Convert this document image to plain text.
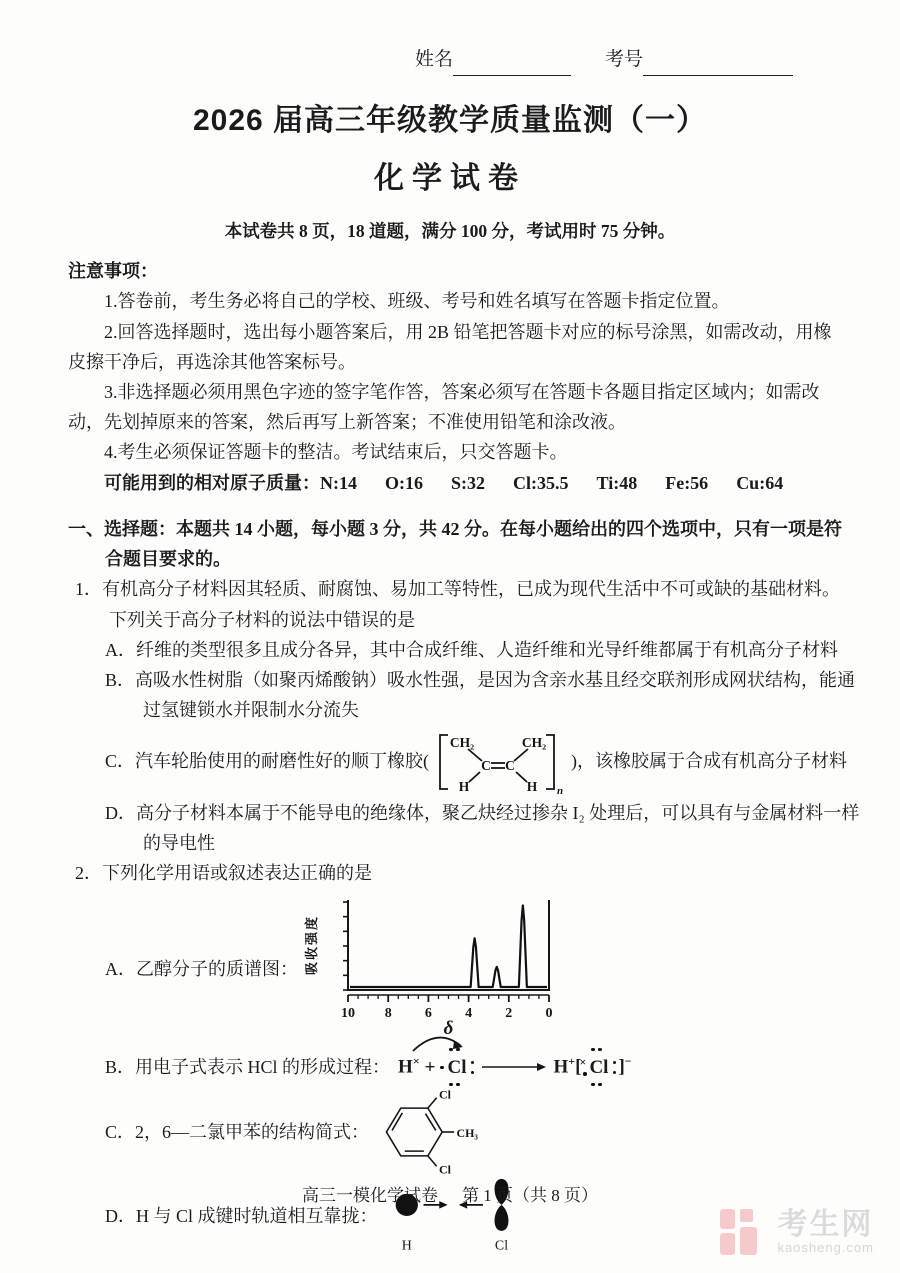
姓名	考号
2026 届高三年级教学质量监测（一）
化学试卷
本试卷共 8 页，18 道题，满分 100 分，考试用时 75 分钟。
注意事项：

1.答卷前，考生务必将自己的学校、班级、考号和姓名填写在答题卡指定位置。

2.回答选择题时，选出每小题答案后，用 2B 铅笔把答题卡对应的标号涂黑，如需改动，用橡皮擦干净后，再选涂其他答案标号。

3.非选择题必须用黑色字迹的签字笔作答，答案必须写在答题卡各题目指定区域内；如需改动，先划掉原来的答案，然后再写上新答案；不准使用铅笔和涂改液。

4.考生必须保证答题卡的整洁。考试结束后，只交答题卡。

可能用到的相对原子质量：N:14 O:16 S:32 Cl:35.5 Ti:48 Fe:56 Cu:64

一、选择题：本题共 14 小题，每小题 3 分，共 42 分。在每小题给出的四个选项中，只有一项是符合题目要求的。

1．有机高分子材料因其轻质、耐腐蚀、易加工等特性，已成为现代生活中不可或缺的基础材料。下列关于高分子材料的说法中错误的是

A．纤维的类型很多且成分各异，其中合成纤维、人造纤维和光导纤维都属于有机高分子材料

B．高吸水性树脂（如聚丙烯酸钠）吸水性强，是因为含亲水基且经交联剂形成网状结构，能通过氢键锁水并限制水分流失

C． 汽车轮胎使用的耐磨性好的顺丁橡胶(
CH₂	CH₂
C C
H	H n
)，该橡胶属于合成有机高分子材料

D．高分子材料本属于不能导电的绝缘体，聚乙炔经过掺杂 I₂ 处理后，可以具有与金属材料一样的导电性

2．下列化学用语或叙述表达正确的是

A．乙醇分子的质谱图：
10 8 6 4 2 0
δ
吸收强度
B．用电子式表示 HCl 的形成过程： H× + Cl → H+[
× Cl ]−
C．2，6—二氯甲苯的结构简式：
Cl
CH₃
Cl
D．H 与 Cl 成键时轨道相互靠拢：
H	Cl
高三一模化学试卷 第 1 页（共 8 页）
考生网
kaosheng.com
